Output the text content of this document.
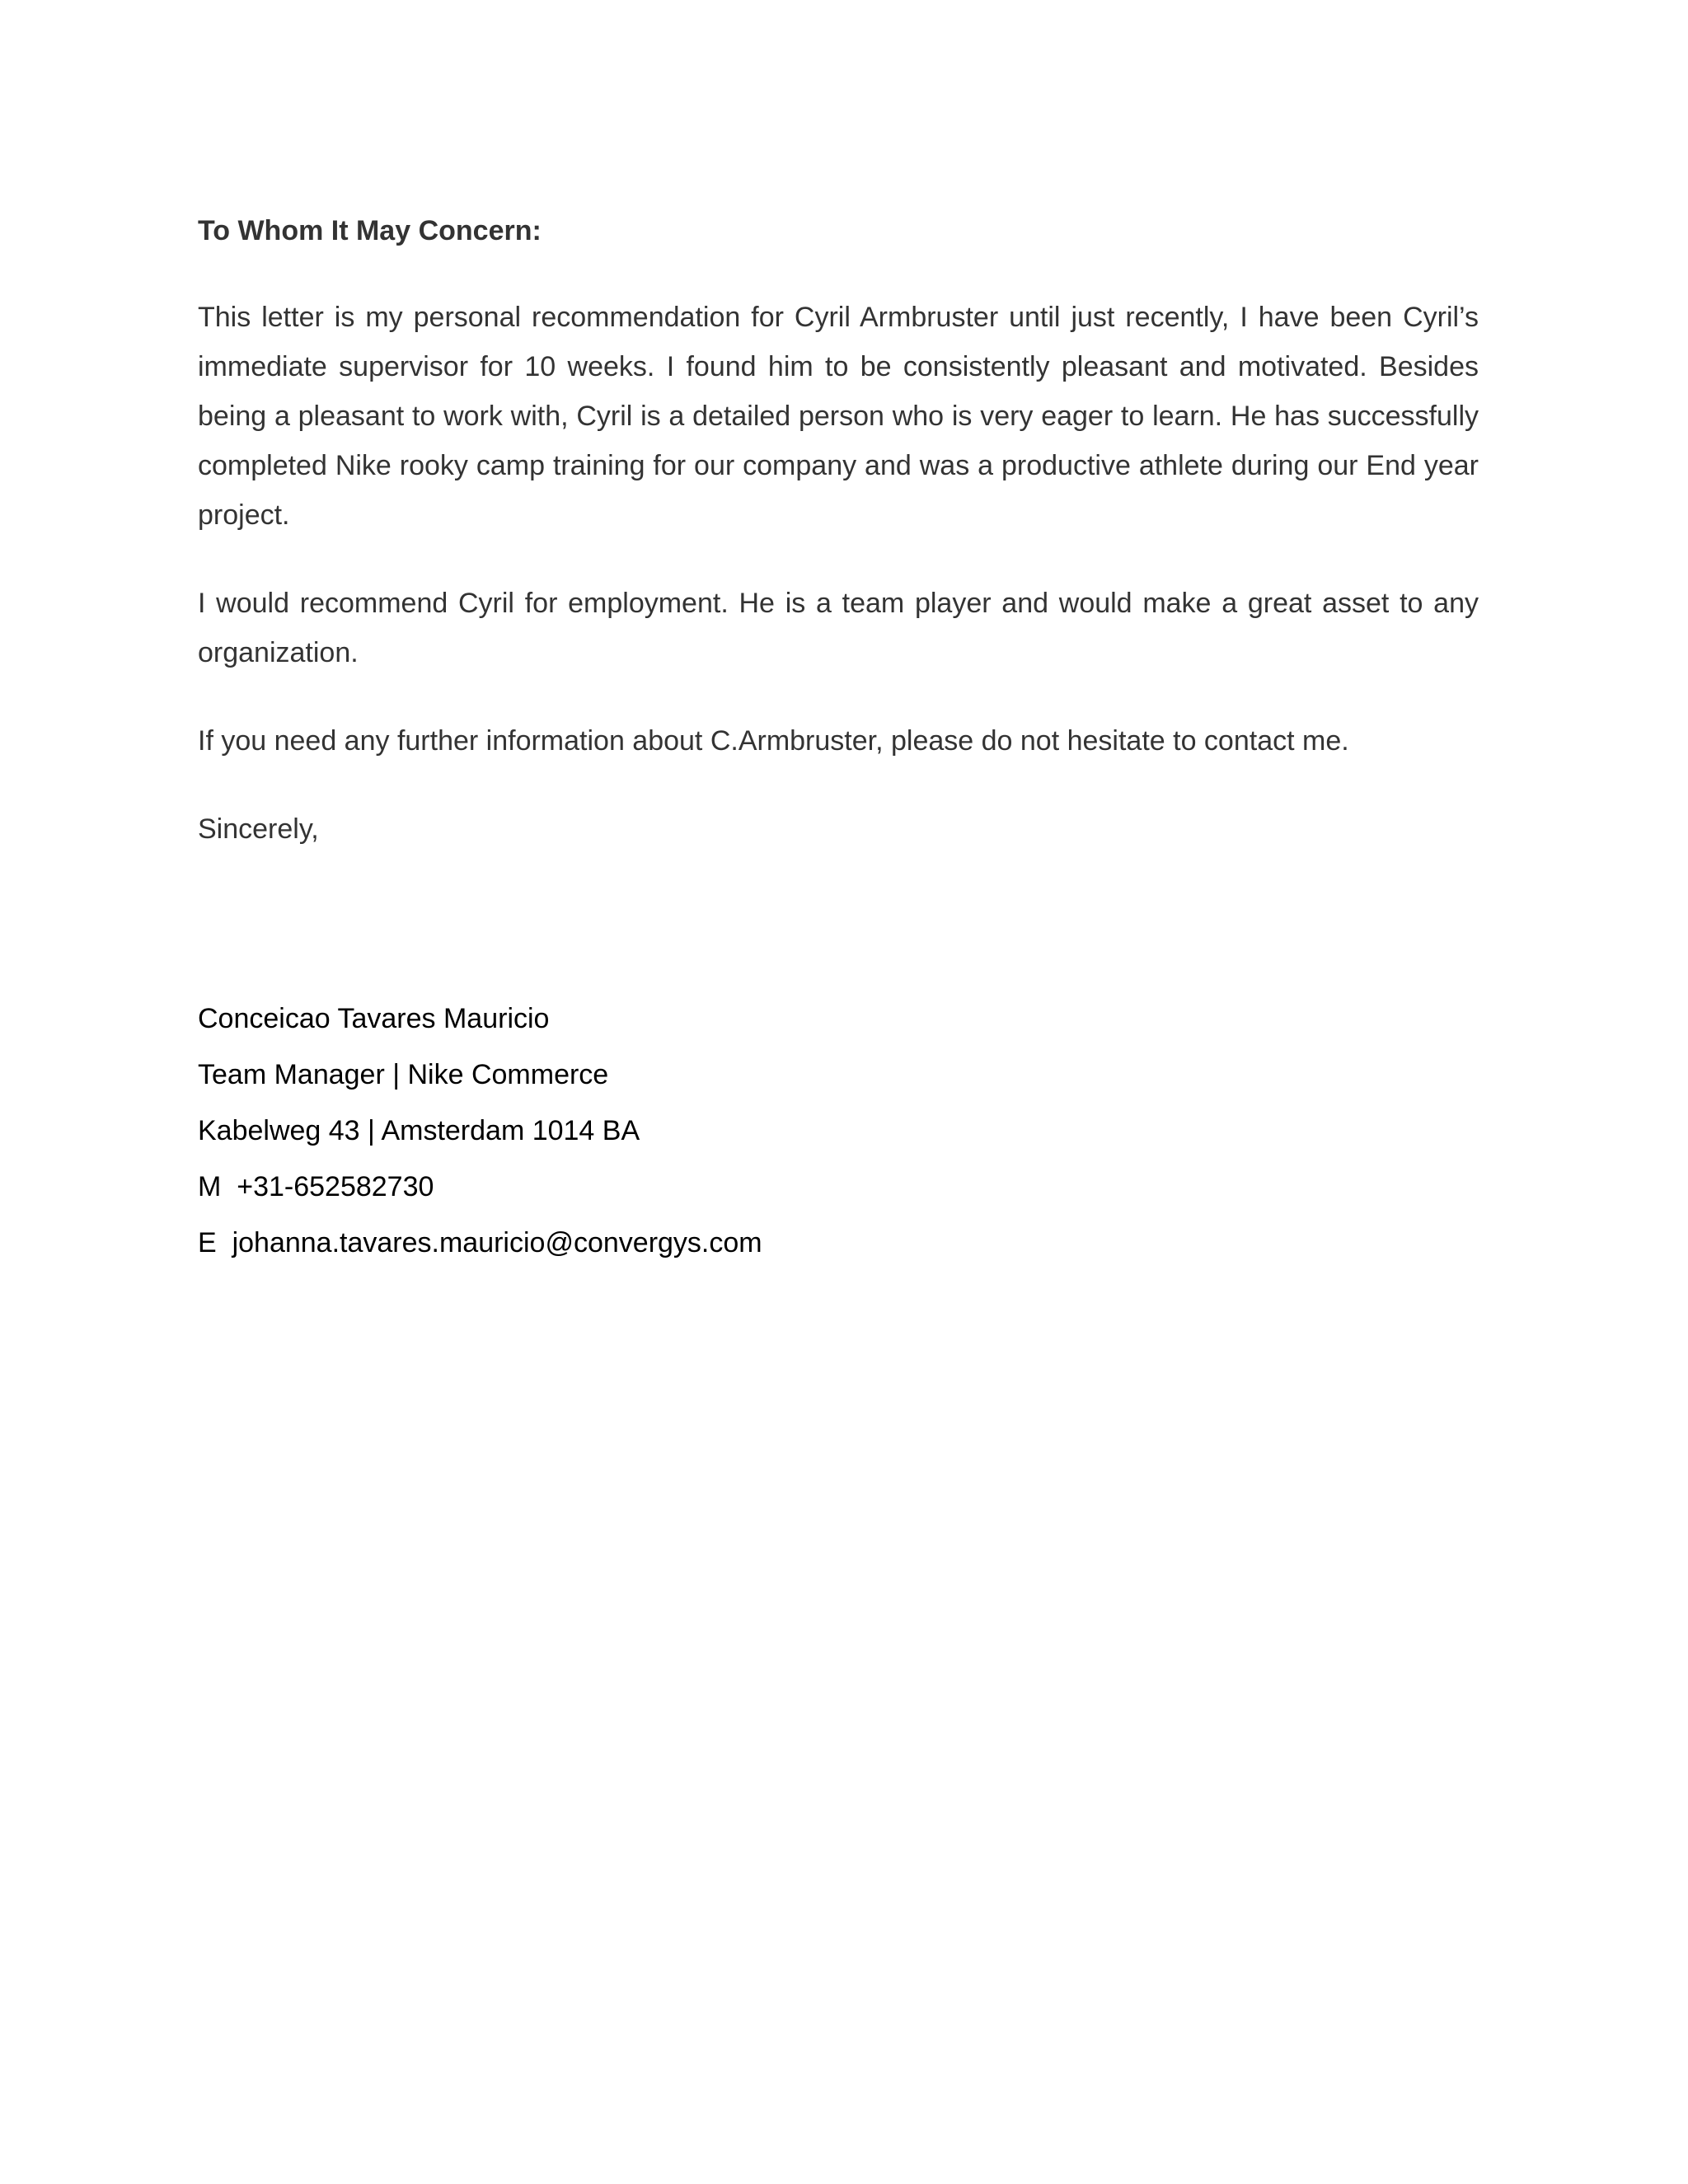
To Whom It May Concern:

This letter is my personal recommendation for Cyril Armbruster until just recently, I have been Cyril’s immediate supervisor for 10 weeks. I found him to be consistently pleasant and motivated. Besides being a pleasant to work with, Cyril is a detailed person who is very eager to learn. He has successfully completed Nike rooky camp training for our company and was a productive athlete during our End year project.

I would recommend Cyril for employment. He is a team player and would make a great asset to any organization.

If you need any further information about C.Armbruster, please do not hesitate to contact me.

Sincerely,

Conceicao Tavares Mauricio

Team Manager | Nike Commerce

Kabelweg 43 | Amsterdam 1014 BA

M  +31-652582730

E  johanna.tavares.mauricio@convergys.com
